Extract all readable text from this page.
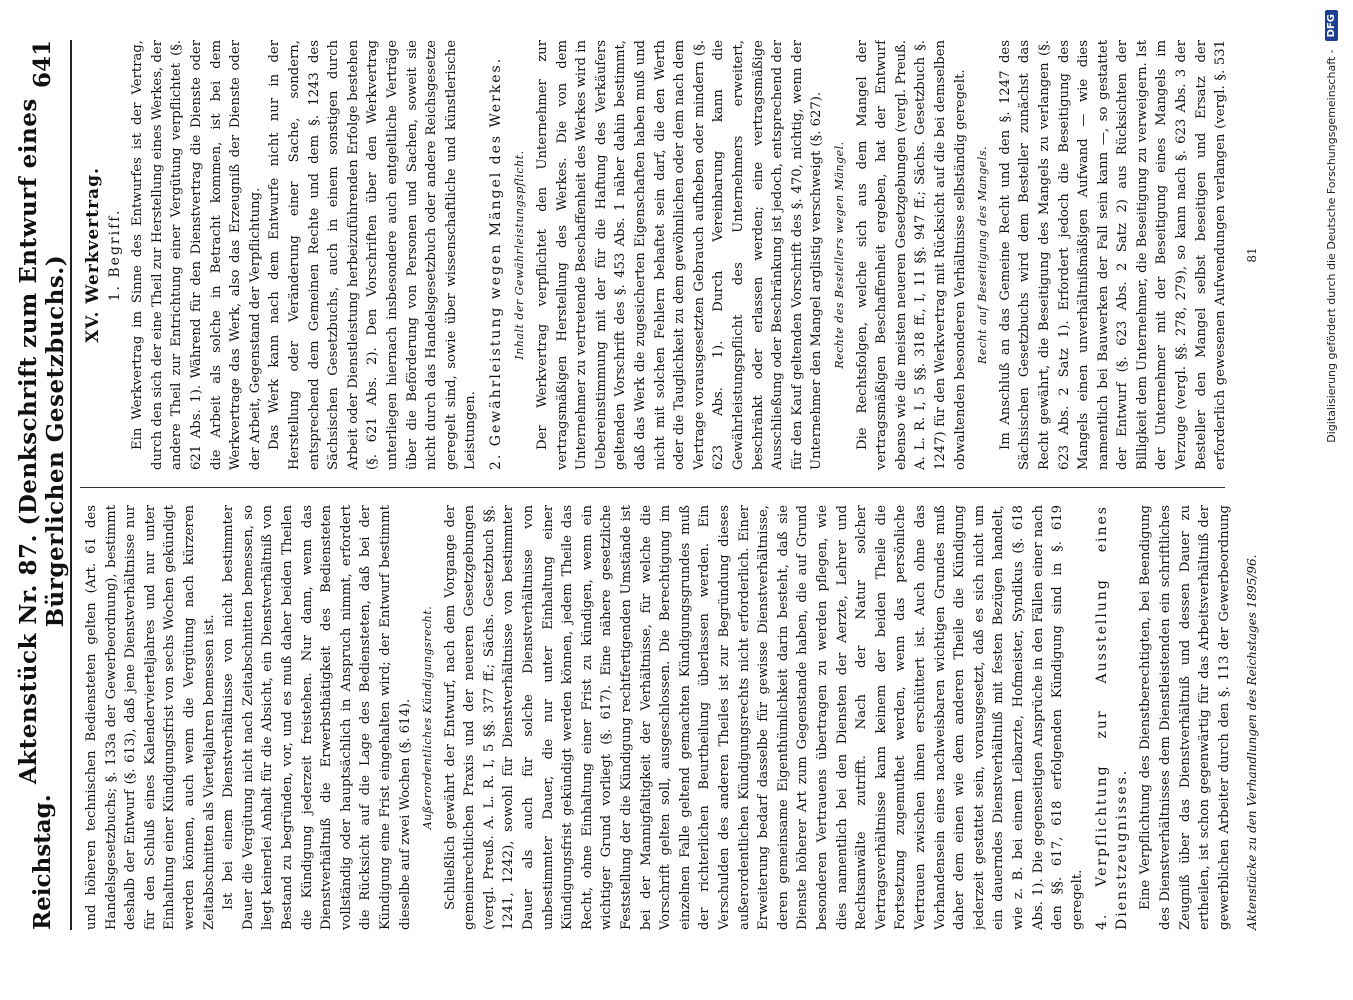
Reichstag.
Aktenstück Nr. 87. (Denkschrift zum Entwurf eines Bürgerlichen Gesetzbuchs.)
641

und höheren technischen Bediensteten gelten (Art. 61 des Handelsgesetzbuchs; §. 133a der Gewerbeordnung), bestimmt deshalb der Entwurf (§. 613), daß jene Dienstverhältnisse nur für den Schluß eines Kalendervierteljahres und nur unter Einhaltung einer Kündigungsfrist von sechs Wochen gekündigt werden können, auch wenn die Vergütung nach kürzeren Zeitabschnitten als Vierteljahren bemessen ist. Ist bei einem Dienstverhältnisse von nicht bestimmter Dauer die Vergütung nicht nach Zeitabschnitten bemessen, so liegt keinerlei Anhalt für die Absicht, ein Dienstverhältniß von Bestand zu begründen, vor, und es muß daher beiden Theilen die Kündigung jederzeit freistehen. Nur dann, wenn das Dienstverhältniß die Erwerbsthätigkeit des Bediensteten vollständig oder hauptsächlich in Anspruch nimmt, erfordert die Rücksicht auf die Lage des Bediensteten, daß bei der Kündigung eine Frist eingehalten wird; der Entwurf bestimmt dieselbe auf zwei Wochen (§. 614). Außerordentliches Kündigungsrecht. Schließlich gewährt der Entwurf, nach dem Vorgange der gemeinrechtlichen Praxis und der neueren Gesetzgebungen (vergl. Preuß. A. L. R. I, 5 §§. 377 ff.; Sächs. Gesetzbuch §§. 1241, 1242), sowohl für Dienstverhältnisse von bestimmter Dauer als auch für solche Dienstverhältnisse von unbestimmter Dauer, die nur unter Einhaltung einer Kündigungsfrist gekündigt werden können, jedem Theile das Recht, ohne Einhaltung einer Frist zu kündigen, wenn ein wichtiger Grund vorliegt (§. 617). Eine nähere gesetzliche Feststellung der die Kündigung rechtfertigenden Umstände ist bei der Mannigfaltigkeit der Verhältnisse, für welche die Vorschrift gelten soll, ausgeschlossen. Die Berechtigung im einzelnen Falle geltend gemachten Kündigungsgrundes muß der richterlichen Beurtheilung überlassen werden. Ein Verschulden des anderen Theiles ist zur Begründung dieses außerordentlichen Kündigungsrechts nicht erforderlich. Einer Erweiterung bedarf dasselbe für gewisse Dienstverhältnisse, deren gemeinsame Eigenthümlichkeit darin besteht, daß sie Dienste höherer Art zum Gegenstande haben, die auf Grund besonderen Vertrauens übertragen zu werden pflegen, wie dies namentlich bei den Diensten der Aerzte, Lehrer und Rechtsanwälte zutrifft. Nach der Natur solcher Vertragsverhältnisse kann keinem der beiden Theile die Fortsetzung zugemuthet werden, wenn das persönliche Vertrauen zwischen ihnen erschüttert ist. Auch ohne das Vorhandensein eines nachweisbaren wichtigen Grundes muß daher dem einen wie dem anderen Theile die Kündigung jederzeit gestattet sein, vorausgesetzt, daß es sich nicht um ein dauerndes Dienstverhältniß mit festen Bezügen handelt, wie z. B. bei einem Leibarzte, Hofmeister, Syndikus (§. 618 Abs. 1). Die gegenseitigen Ansprüche in den Fällen einer nach den §§. 617, 618 erfolgenden Kündigung sind in §. 619 geregelt. 4. Verpflichtung zur Ausstellung eines Dienstzeugnisses. Eine Verpflichtung des Dienstberechtigten, bei Beendigung des Dienstverhältnisses dem Dienstleistenden ein schriftliches Zeugniß über das Dienstverhältniß und dessen Dauer zu ertheilen, ist schon gegenwärtig für das Arbeitsverhältniß der gewerblichen Arbeiter durch den §. 113 der Gewerbeordnung

XV. Werkvertrag. 1. Begriff. Ein Werkvertrag im Sinne des Entwurfes ist der Vertrag, durch den sich der eine Theil zur Herstellung eines Werkes, der andere Theil zur Entrichtung einer Vergütung verpflichtet (§. 621 Abs. 1). Während für den Dienstvertrag die Dienste oder die Arbeit als solche in Betracht kommen, ist bei dem Werkvertrage das Werk, also das Erzeugniß der Dienste oder der Arbeit, Gegenstand der Verpflichtung. Das Werk kann nach dem Entwurfe nicht nur in der Herstellung oder Veränderung einer Sache, sondern, entsprechend dem Gemeinen Rechte und dem §. 1243 des Sächsischen Gesetzbuchs, auch in einem sonstigen durch Arbeit oder Dienstleistung herbeizuführenden Erfolge bestehen (§. 621 Abs. 2). Den Vorschriften über den Werkvertrag unterliegen hiernach insbesondere auch entgeltliche Verträge über die Beförderung von Personen und Sachen, soweit sie nicht durch das Handelsgesetzbuch oder andere Reichsgesetze geregelt sind, sowie über wissenschaftliche und künstlerische Leistungen. 2. Gewährleistung wegen Mängel des Werkes. Inhalt der Gewährleistungspflicht. Der Werkvertrag verpflichtet den Unternehmer zur vertragsmäßigen Herstellung des Werkes. Die von dem Unternehmer zu vertretende Beschaffenheit des Werkes wird in Uebereinstimmung mit der für die Haftung des Verkäufers geltenden Vorschrift des §. 453 Abs. 1 näher dahin bestimmt, daß das Werk die zugesicherten Eigenschaften haben muß und nicht mit solchen Fehlern behaftet sein darf, die den Werth oder die Tauglichkeit zu dem gewöhnlichen oder dem nach dem Vertrage vorausgesetzten Gebrauch aufheben oder mindern (§. 623 Abs. 1). Durch Vereinbarung kann die Gewährleistungspflicht des Unternehmers erweitert, beschränkt oder erlassen werden; eine vertragsmäßige Ausschließung oder Beschränkung ist jedoch, entsprechend der für den Kauf geltenden Vorschrift des §. 470, nichtig, wenn der Unternehmer den Mangel arglistig verschweigt (§. 627). Rechte des Bestellers wegen Mängel. Die Rechtsfolgen, welche sich aus dem Mangel der vertragsmäßigen Beschaffenheit ergeben, hat der Entwurf ebenso wie die meisten neueren Gesetzgebungen (vergl. Preuß. A. L. R. I, 5 §§. 318 ff., I, 11 §§. 947 ff.; Sächs. Gesetzbuch §. 1247) für den Werkvertrag mit Rücksicht auf die bei demselben obwaltenden besonderen Verhältnisse selbständig geregelt. Recht auf Beseitigung des Mangels.

Im Anschluß an das Gemeine Recht und den §. 1247 des Sächsischen Gesetzbuchs wird dem Besteller zunächst das Recht gewährt, die Beseitigung des Mangels zu verlangen (§. 623 Abs. 2 Satz 1). Erfordert jedoch die Beseitigung des Mangels einen unverhältnißmäßigen Aufwand — wie dies namentlich bei Bauwerken der Fall sein kann —, so gestattet der Entwurf (§. 623 Abs. 2 Satz 2) aus Rücksichten der Billigkeit dem Unternehmer, die Beseitigung zu verweigern. Ist der Unternehmer mit der Beseitigung eines Mangels im Verzuge (vergl. §§. 278, 279), so kann nach §. 623 Abs. 3 der Besteller den Mangel selbst beseitigen und Ersatz der erforderlich gewesenen Aufwendungen verlangen (vergl. §. 531

Aktenstücke zu den Verhandlungen des Reichstages 1895/96.
81	Digitalisierung gefördert durch die Deutsche Forschungsgemeinschaft -
DFG
